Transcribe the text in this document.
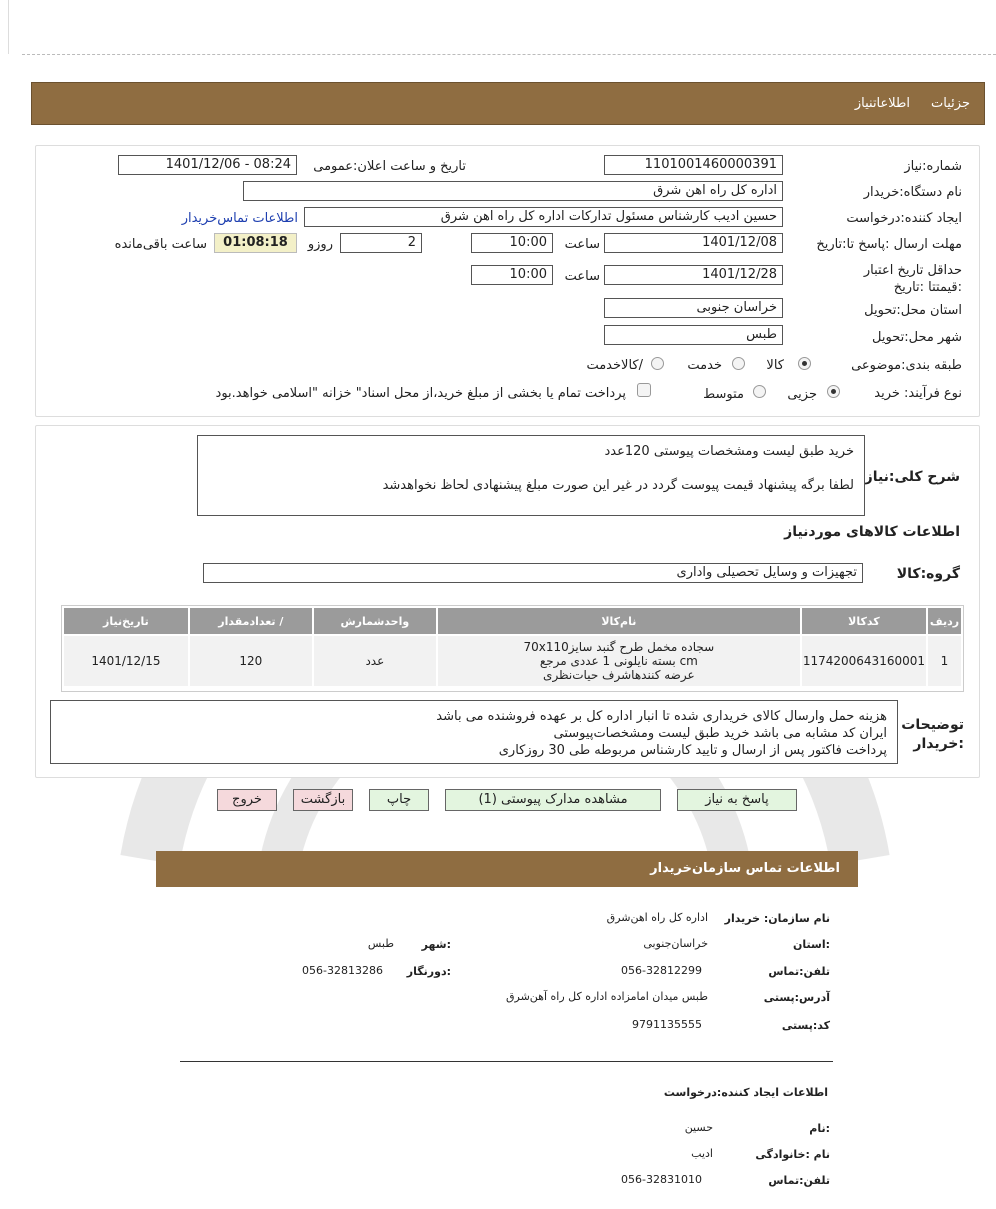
جزئیات
اطلاعاتنیاز
شماره:نیاز
1101001460000391
تاریخ و ساعت اعلان:عمومی
1401/12/06 - 08:24
نام دستگاه:خریدار
اداره کل راه اهن شرق
ایجاد کننده:درخواست
حسین ادیب کارشناس مسئول تدارکات اداره کل راه اهن شرق
اطلاعات تماس‌خریدار
مهلت ارسال :پاسخ تا:تاریخ
1401/12/08
ساعت
10:00
2
روزو
01:08:18
ساعت باقی‌مانده
حداقل تاریخ اعتبار :قیمتتا :تاریخ
1401/12/28
ساعت
10:00
استان محل:تحویل
خراسان جنوبی
شهر محل:تحویل
طبس
طبقه بندی:موضوعی
کالا
خدمت
/کالاخدمت
نوع فرآیند: خرید
جزیی
متوسط
پرداخت تمام یا بخشی از مبلغ خرید،از محل اسناد" خزانه "اسلامی خواهد.بود
شرح کلی:نیاز
خرید طبق لیست ومشخصات پیوستی 120عدد
لطفا برگه پیشنهاد قیمت پیوست گردد در غیر این صورت مبلغ پیشنهادی لحاظ نخواهدشد
اطلاعات کالاهای موردنیاز
گروه:کالا
تجهیزات و وسایل تحصیلی واداری
ردیف	کدکالا	نام‌کالا	واحدشمارش	/ تعدادمقدار	تاریخ‌نیاز
1	1174200643160001	سجاده مخمل طرح گنبد سایز70x110
cm بسته نایلونی 1 عددی مرجع
عرضه کنندهاشرف حیات‌نظری	عدد	120	1401/12/15
توضیحات :خریدار
هزینه حمل وارسال کالای خریداری شده تا انبار اداره کل بر عهده فروشنده می باشد
ایران کد مشابه می باشد خرید طبق لیست ومشخصات‌پیوستی
پرداخت فاکتور پس از ارسال و تایید کارشناس مربوطه طی 30 روزکاری
پاسخ به نیاز
مشاهده مدارک پیوستی (1)
چاپ
بازگشت
خروج
اطلاعات تماس سازمان‌خریدار
نام سازمان: خریدار
اداره کل راه اهن‌شرق
:استان
خراسان‌جنوبی
:شهر
طبس
تلفن:تماس
056-32812299
:دورنگار
056-32813286
آدرس:پستی
طبس میدان امامزاده اداره کل راه آهن‌شرق
کد:پستی
9791135555
اطلاعات ایجاد کننده:درخواست
:نام
حسین
نام :خانوادگی
ادیب
تلفن:تماس
056-32831010
